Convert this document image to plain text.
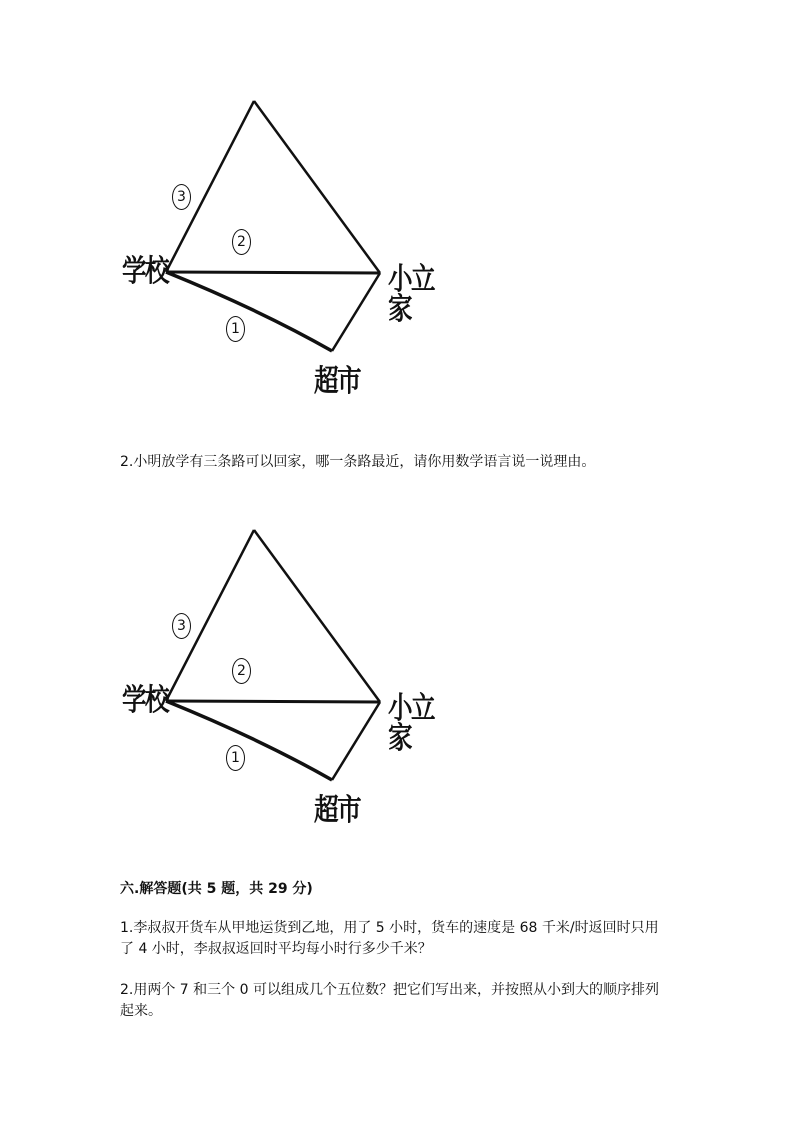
学校	小立家
超市
3
2
1
2.小明放学有三条路可以回家，哪一条路最近，请你用数学语言说一说理由。
学校	小立家
超市
3
2
1
六.解答题(共 5 题，共 29 分)
1.李叔叔开货车从甲地运货到乙地，用了 5 小时，货车的速度是 68 千米/时返回时只用了 4 小时，李叔叔返回时平均每小时行多少千米？
2.用两个 7 和三个 0 可以组成几个五位数？把它们写出来，并按照从小到大的顺序排列起来。
